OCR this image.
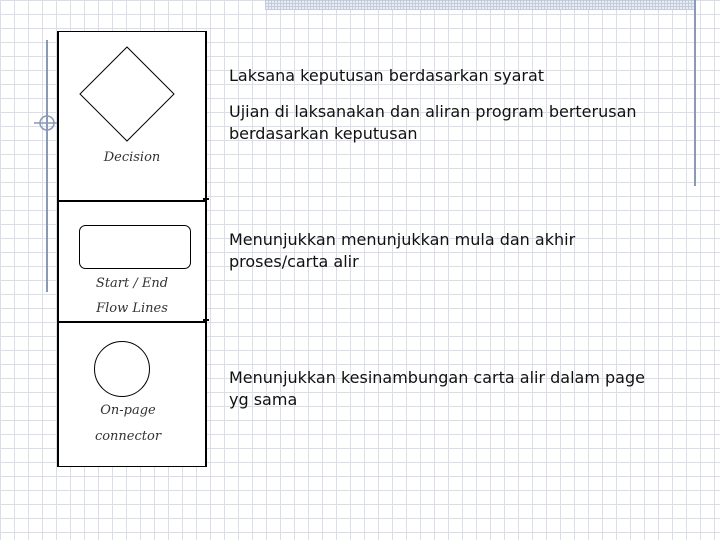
Decision
Start / End
Flow Lines
On-page
connector
Laksana keputusan berdasarkan syarat
Ujian di laksanakan dan aliran program berterusan
berdasarkan keputusan
Menunjukkan menunjukkan mula dan akhir
proses/carta alir
Menunjukkan kesinambungan carta alir dalam page
yg sama
